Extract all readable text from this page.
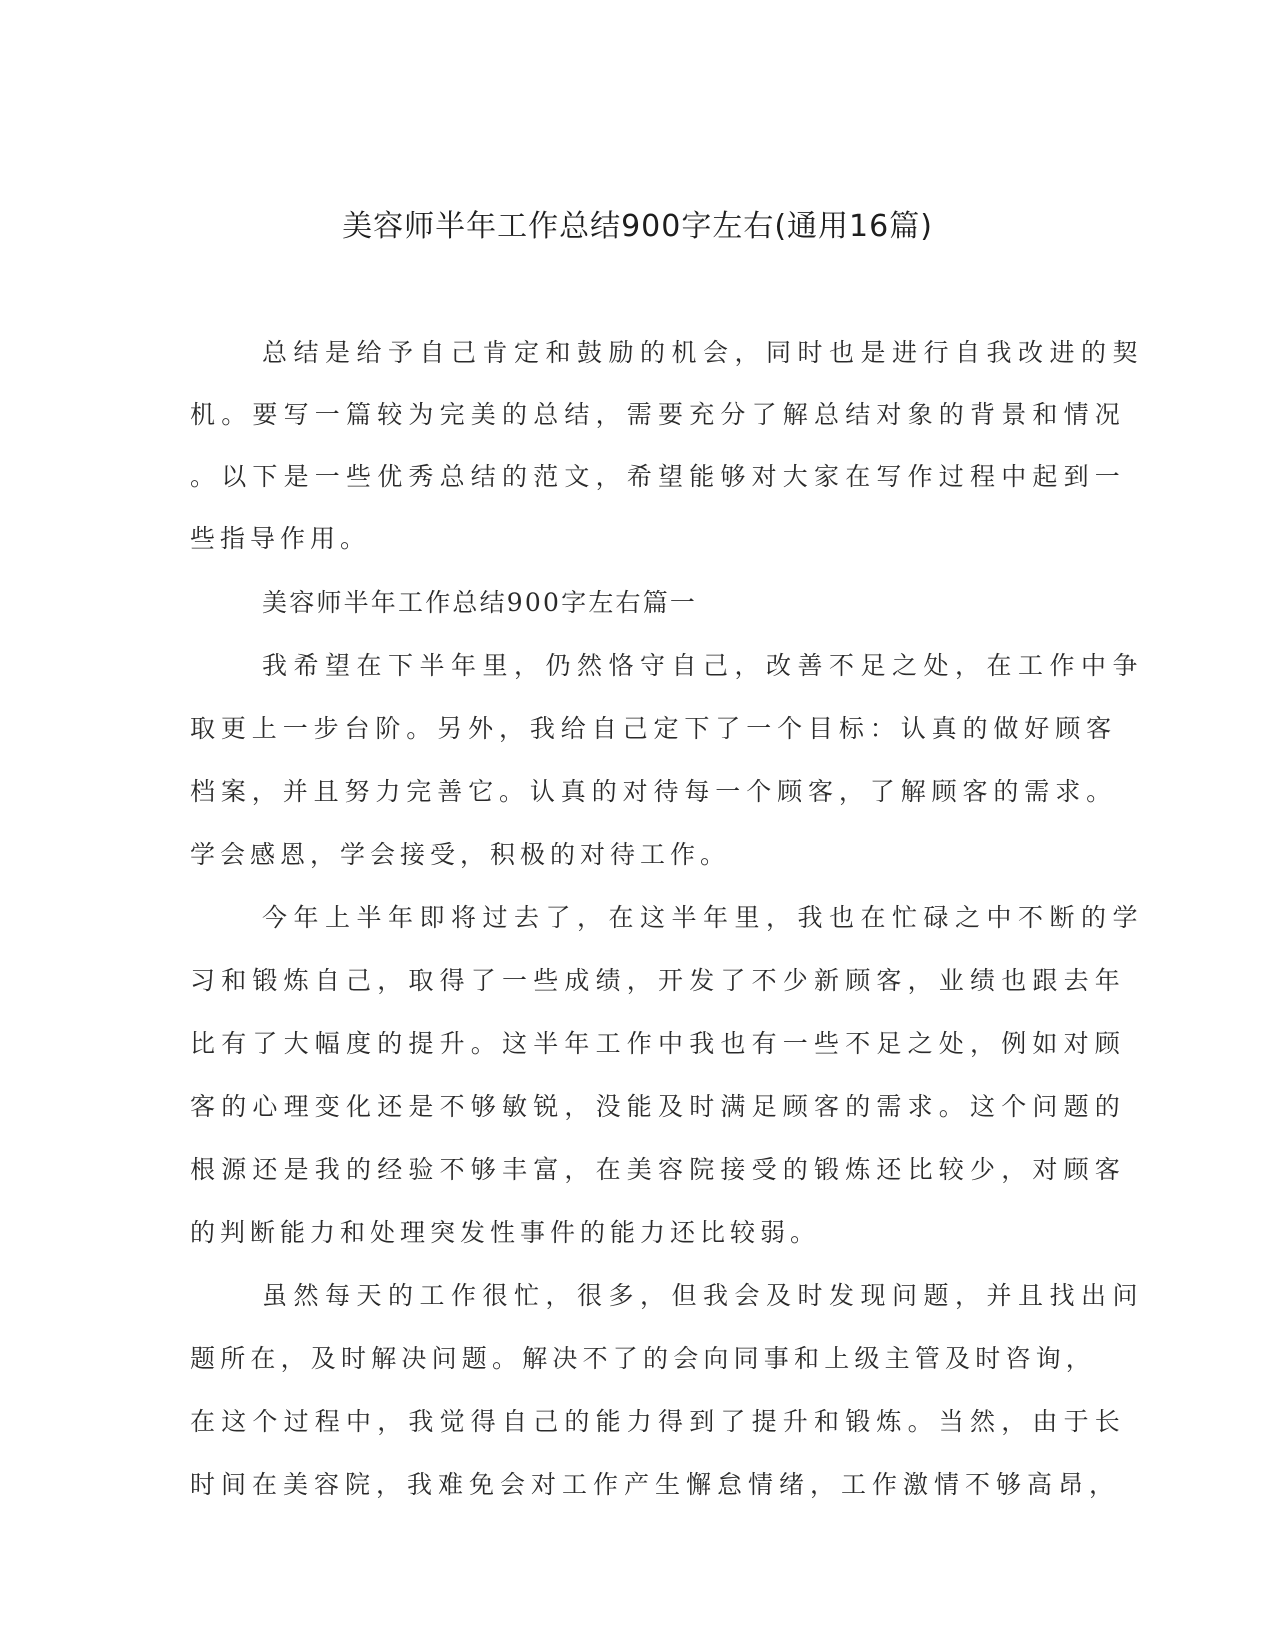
美容师半年工作总结900字左右(通用16篇)
总结是给予自己肯定和鼓励的机会，同时也是进行自我改进的契
机。要写一篇较为完美的总结，需要充分了解总结对象的背景和情况
。以下是一些优秀总结的范文，希望能够对大家在写作过程中起到一
些指导作用。
美容师半年工作总结900字左右篇一
我希望在下半年里，仍然恪守自己，改善不足之处，在工作中争
取更上一步台阶。另外，我给自己定下了一个目标：认真的做好顾客
档案，并且努力完善它。认真的对待每一个顾客，了解顾客的需求。
学会感恩，学会接受，积极的对待工作。
今年上半年即将过去了，在这半年里，我也在忙碌之中不断的学
习和锻炼自己，取得了一些成绩，开发了不少新顾客，业绩也跟去年
比有了大幅度的提升。这半年工作中我也有一些不足之处，例如对顾
客的心理变化还是不够敏锐，没能及时满足顾客的需求。这个问题的
根源还是我的经验不够丰富，在美容院接受的锻炼还比较少，对顾客
的判断能力和处理突发性事件的能力还比较弱。
虽然每天的工作很忙，很多，但我会及时发现问题，并且找出问
题所在，及时解决问题。解决不了的会向同事和上级主管及时咨询，
在这个过程中，我觉得自己的能力得到了提升和锻炼。当然，由于长
时间在美容院，我难免会对工作产生懈怠情绪，工作激情不够高昂，
